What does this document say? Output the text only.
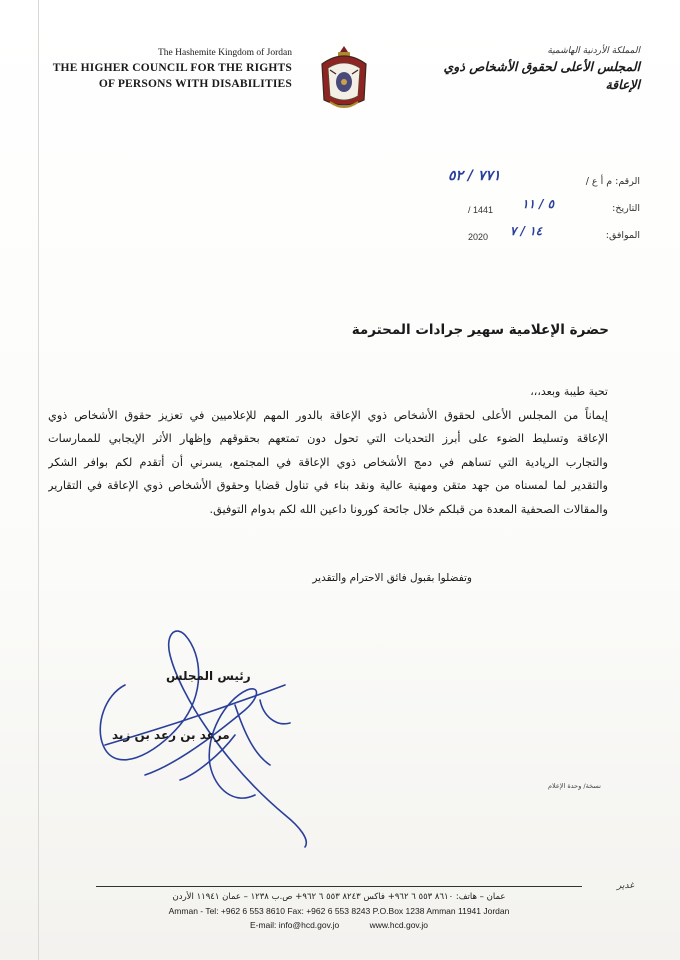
The Hashemite Kingdom of Jordan
THE HIGHER COUNCIL FOR THE RIGHTS
OF PERSONS WITH DISABILITIES
المملكة الأردنية الهاشمية
المجلس الأعلى لحقوق الأشخاص ذوي الإعاقة
الرقم: م أ ع /
٧٧١ / ٥٢
التاريخ:
٥ / ١١
1441 /
الموافق:
١٤ / ٧
2020
حضرة الإعلامية سهير جرادات المحترمة
تحية طيبة وبعد،،،
إيماناً من المجلس الأعلى لحقوق الأشخاص ذوي الإعاقة بالدور المهم للإعلاميين في تعزيز حقوق الأشخاص ذوي
الإعاقة وتسليط الضوء على أبرز التحديات التي تحول دون تمتعهم بحقوقهم وإظهار الأثر الإيجابي للممارسات
والتجارب الريادية التي تساهم في دمج الأشخاص ذوي الإعاقة في المجتمع، يسرني أن أتقدم لكم بوافر الشكر
والتقدير لما لمسناه من جهد متقن ومهنية عالية ونقد بناء في تناول قضايا وحقوق الأشخاص ذوي الإعاقة في التقارير
والمقالات الصحفية المعدة من قبلكم خلال جائحة كورونا داعين الله لكم بدوام التوفيق.
وتفضلوا بقبول فائق الاحترام والتقدير
رئيس المجلس
مرعد بن رعد بن زيد
نسخة/ وحدة الإعلام
غدير
عمان – هاتف: ٨٦١٠ ٥٥٣ ٦ ٩٦٢+ فاكس ٨٢٤٣ ٥٥٣ ٦ ٩٦٢+ ص.ب ١٢٣٨ – عمان ١١٩٤١ الأردن
Amman - Tel: +962 6 553 8610 Fax: +962 6 553 8243 P.O.Box 1238 Amman 11941 Jordan
E-mail: info@hcd.gov.jo	www.hcd.gov.jo
